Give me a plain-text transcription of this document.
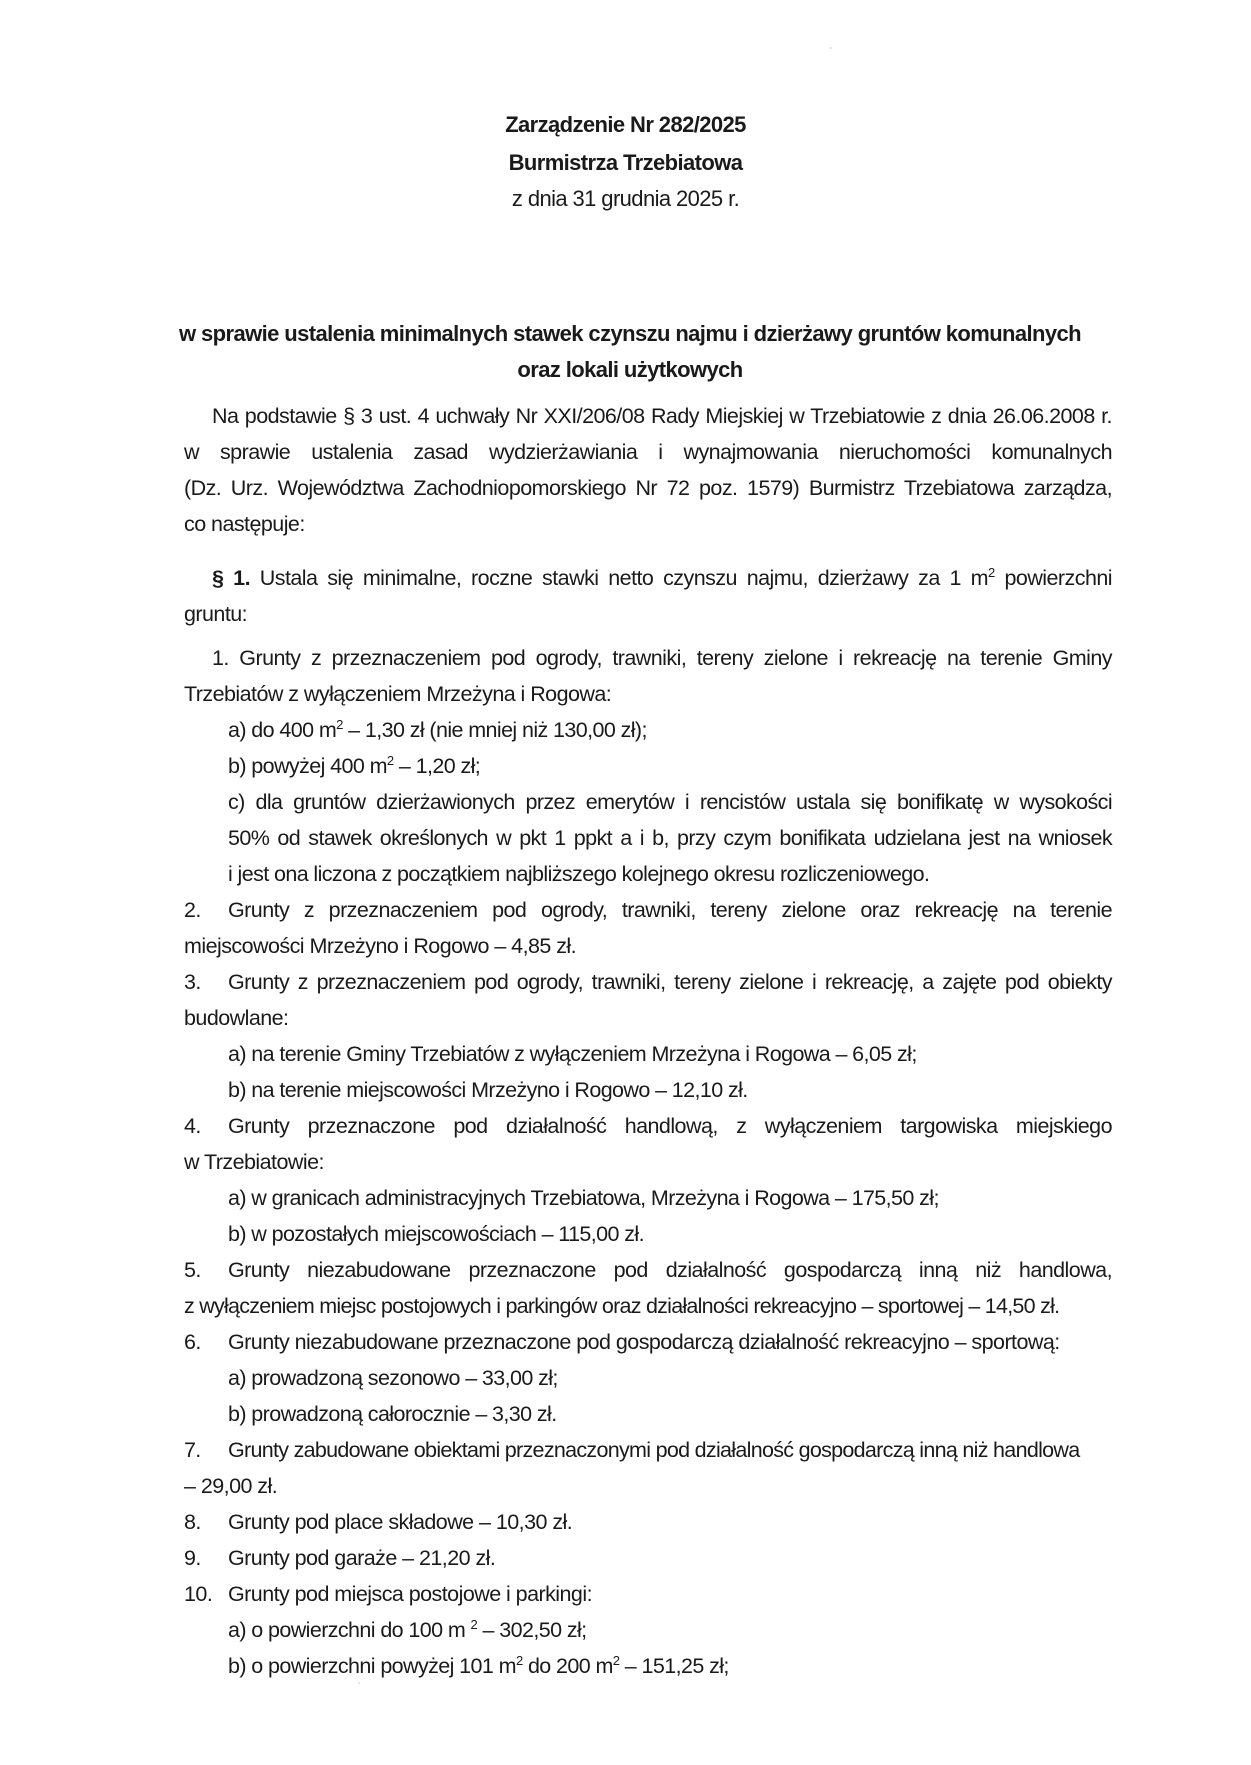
Zarządzenie Nr 282/2025
Burmistrza Trzebiatowa
z dnia 31 grudnia 2025 r.
w sprawie ustalenia minimalnych stawek czynszu najmu i dzierżawy gruntów komunalnych
oraz lokali użytkowych
Na podstawie § 3 ust. 4 uchwały Nr XXI/206/08 Rady Miejskiej w Trzebiatowie z dnia 26.06.2008 r.
w sprawie ustalenia zasad wydzierżawiania i wynajmowania nieruchomości komunalnych
(Dz. Urz. Województwa Zachodniopomorskiego Nr 72 poz. 1579) Burmistrz Trzebiatowa zarządza,
co następuje:
§ 1. Ustala się minimalne, roczne stawki netto czynszu najmu, dzierżawy za 1 $m^2$ powierzchni
gruntu:
1. Grunty z przeznaczeniem pod ogrody, trawniki, tereny zielone i rekreację na terenie Gminy
Trzebiatów z wyłączeniem Mrzeżyna i Rogowa:
a) do 400 $m^2 - 1,30$ zł (nie mniej niż 130,00 zł);
b) powyżej 400 $m^2 - 1,20$ zł;
c) dla gruntów dzierżawionych przez emerytów i rencistów ustala się bonifikatę w wysokości
50% od stawek określonych w pkt 1 ppkt a i b, przy czym bonifikata udzielana jest na wniosek
i jest ona liczona z początkiem najbliższego kolejnego okresu rozliczeniowego.
2. Grunty z przeznaczeniem pod ogrody, trawniki, tereny zielone oraz rekreację na terenie
miejscowości Mrzeżyno i Rogowo – 4,85 zł.
3. Grunty z przeznaczeniem pod ogrody, trawniki, tereny zielone i rekreację, a zajęte pod obiekty
budowlane:
a) na terenie Gminy Trzebiatów z wyłączeniem Mrzeżyna i Rogowa – 6,05 zł;
b) na terenie miejscowości Mrzeżyno i Rogowo – 12,10 zł.
4. Grunty przeznaczone pod działalność handlową, z wyłączeniem targowiska miejskiego
w Trzebiatowie:
a) w granicach administracyjnych Trzebiatowa, Mrzeżyna i Rogowa – 175,50 zł;
b) w pozostałych miejscowościach – 115,00 zł.
5. Grunty niezabudowane przeznaczone pod działalność gospodarczą inną niż handlowa,
z wyłączeniem miejsc postojowych i parkingów oraz działalności rekreacyjno – sportowej – 14,50 zł.
6. Grunty niezabudowane przeznaczone pod gospodarczą działalność rekreacyjno – sportową:
a) prowadzoną sezonowo – 33,00 zł;
b) prowadzoną całorocznie – 3,30 zł.
7. Grunty zabudowane obiektami przeznaczonymi pod działalność gospodarczą inną niż handlowa
– 29,00 zł.
8. Grunty pod place składowe – 10,30 zł.
9. Grunty pod garaże – 21,20 zł.
10. Grunty pod miejsca postojowe i parkingi:
a) o powierzchni do 100 m $^2$ – 302,50 zł;
b) o powierzchni powyżej 101 $m^2$ do 200 $m^2 - 151,25$ zł;
